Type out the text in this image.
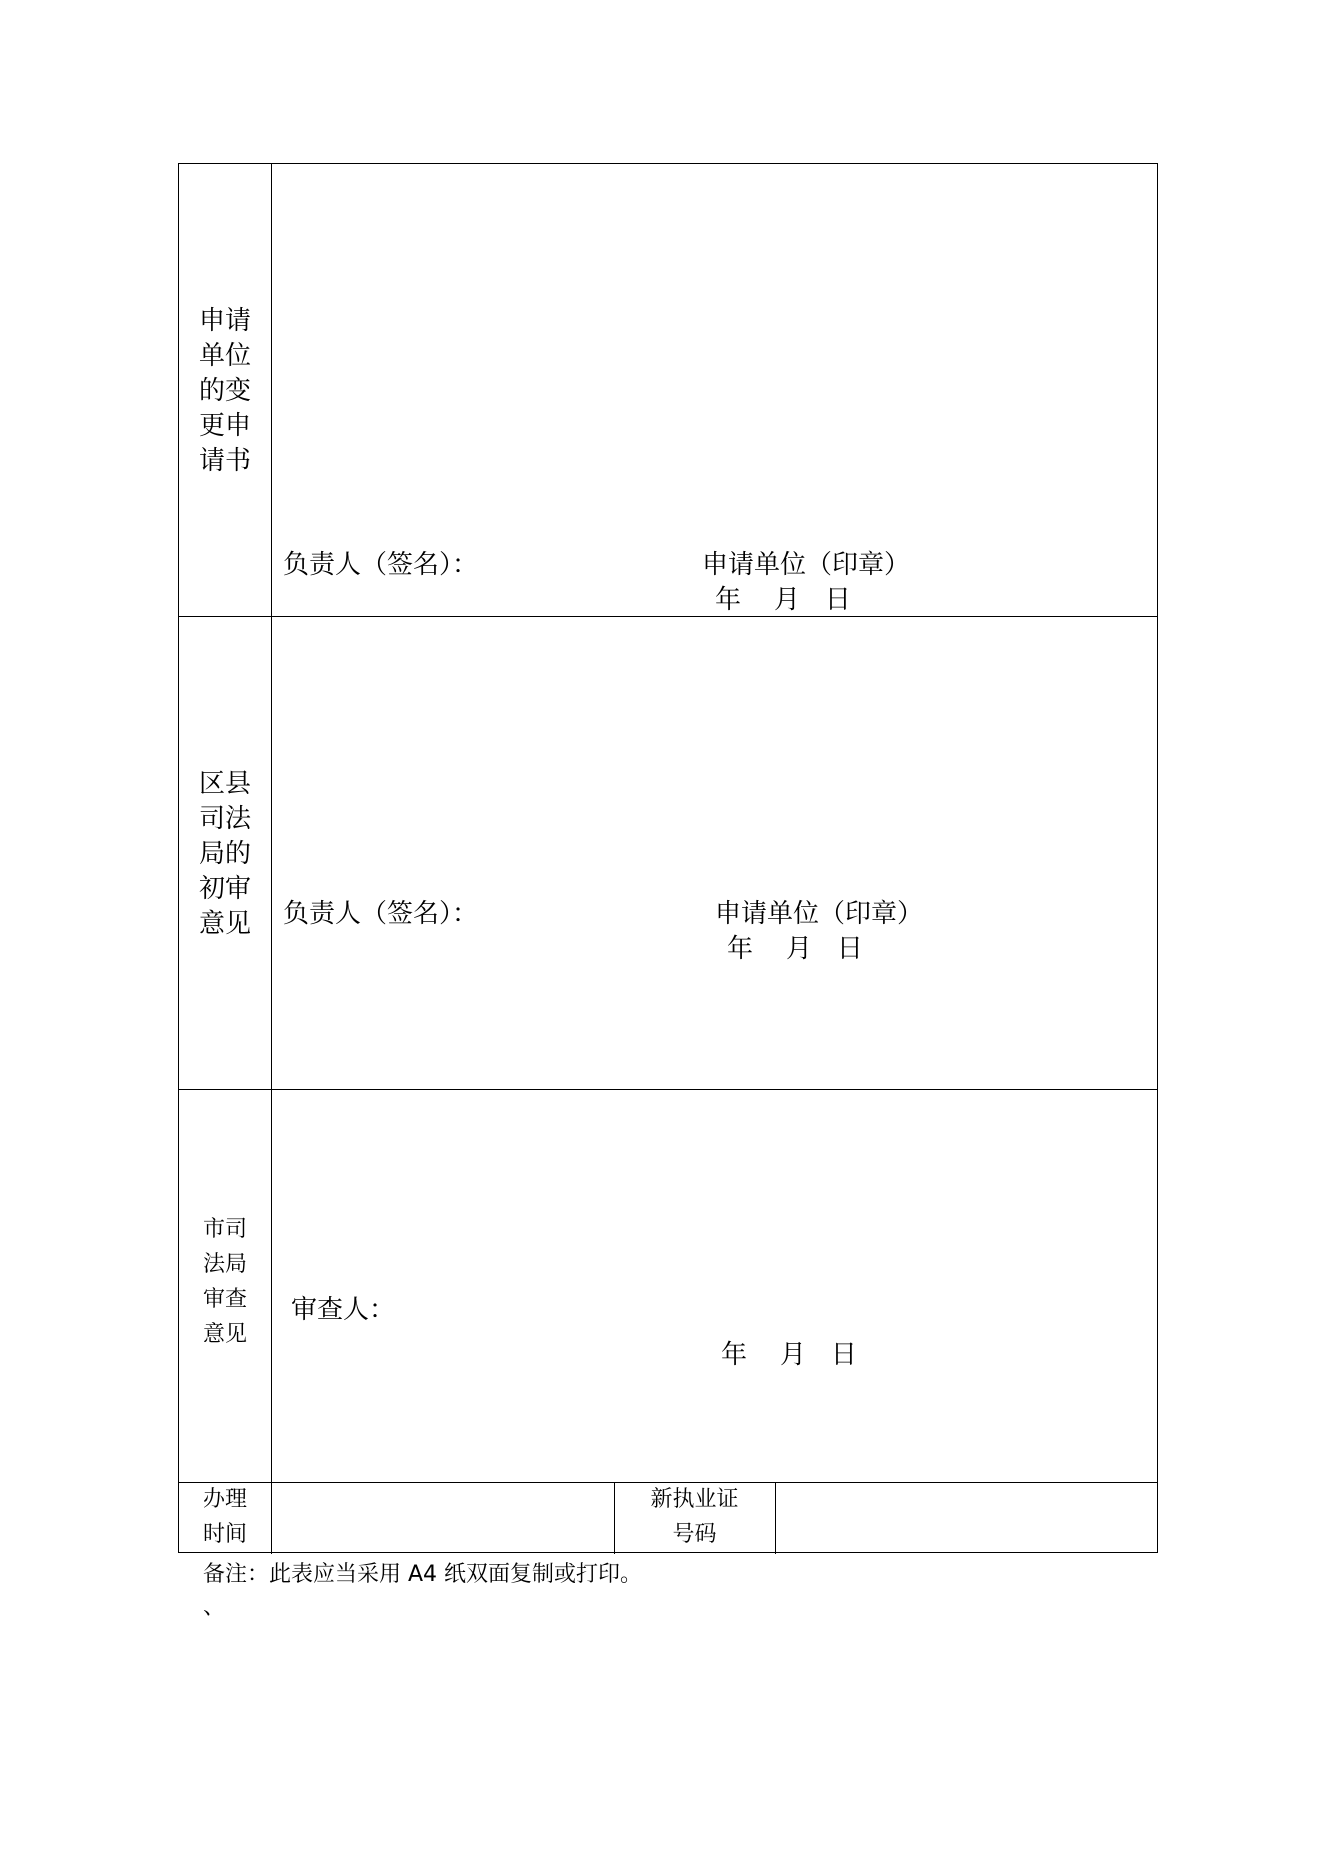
申请
单位
的变
更申
请书
负责人（签名）：	申请单位（印章）
年    月   日
区县
司法
局的
初审
意见 负责人（签名）：	申请单位（印章）
年    月   日
市司
法局
审查
意见
审查人：
年    月   日
办理
时间
新执业证
号码
备注：此表应当采用 A4 纸双面复制或打印。
、
